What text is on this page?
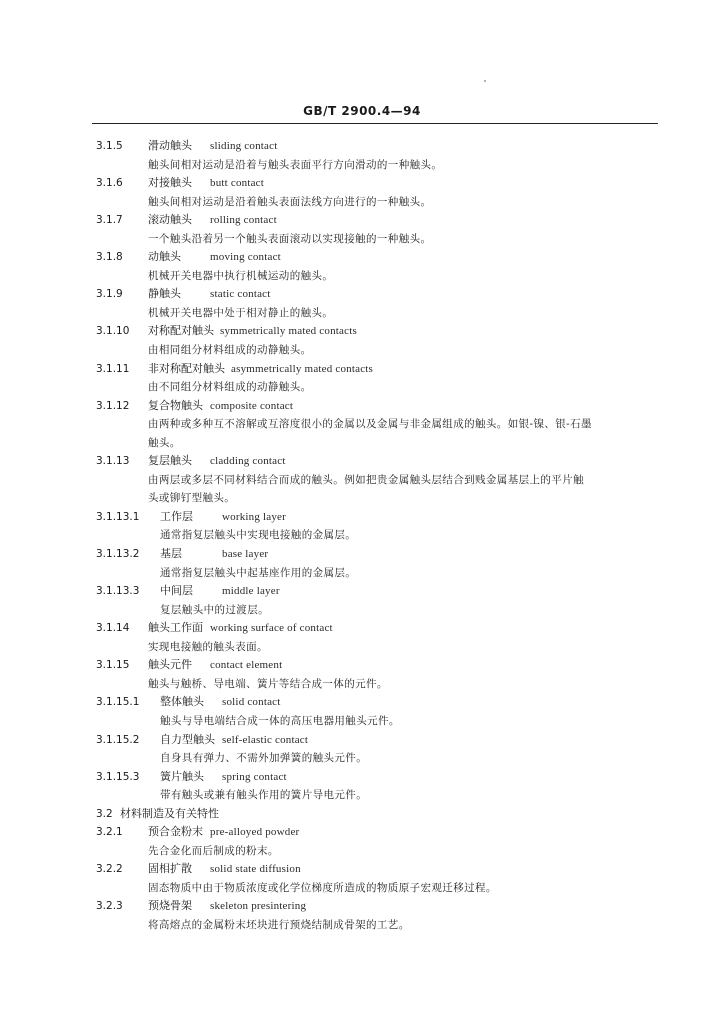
GB/T 2900.4—94
3.1.5 滑动触头 sliding contact
触头间相对运动是沿着与触头表面平行方向滑动的一种触头。
3.1.6 对接触头 butt contact
触头间相对运动是沿着触头表面法线方向进行的一种触头。
3.1.7 滚动触头 rolling contact
一个触头沿着另一个触头表面滚动以实现接触的一种触头。
3.1.8 动触头	moving contact
机械开关电器中执行机械运动的触头。
3.1.9 静触头	static contact
机械开关电器中处于相对静止的触头。
3.1.10 对称配对触头 symmetrically mated contacts
由相同组分材料组成的动静触头。
3.1.11 非对称配对触头 asymmetrically mated contacts
由不同组分材料组成的动静触头。
3.1.12 复合物触头 composite contact
由两种或多种互不溶解或互溶度很小的金属以及金属与非金属组成的触头。如银-镍、银-石墨
触头。
3.1.13 复层触头 cladding contact
由两层或多层不同材料结合而成的触头。例如把贵金属触头层结合到贱金属基层上的平片触
头或铆钉型触头。
3.1.13.1 工作层	working layer
通常指复层触头中实现电接触的金属层。
3.1.13.2 基层	base layer
通常指复层触头中起基座作用的金属层。
3.1.13.3 中间层	middle layer
复层触头中的过渡层。
3.1.14 触头工作面 working surface of contact
实现电接触的触头表面。
3.1.15 触头元件 contact element
触头与触桥、导电端、簧片等结合成一体的元件。
3.1.15.1 整体触头 solid contact
触头与导电端结合成一体的高压电器用触头元件。
3.1.15.2 自力型触头 self-elastic contact
自身具有弹力、不需外加弹簧的触头元件。
3.1.15.3 簧片触头 spring contact
带有触头或兼有触头作用的簧片导电元件。
3.2 材料制造及有关特性
3.2.1 预合金粉末 pre-alloyed powder
先合金化而后制成的粉末。
3.2.2 固相扩散 solid state diffusion
固态物质中由于物质浓度或化学位梯度所造成的物质原子宏观迁移过程。
3.2.3 预烧骨架 skeleton presintering
将高熔点的金属粉末坯块进行预烧结制成骨架的工艺。
